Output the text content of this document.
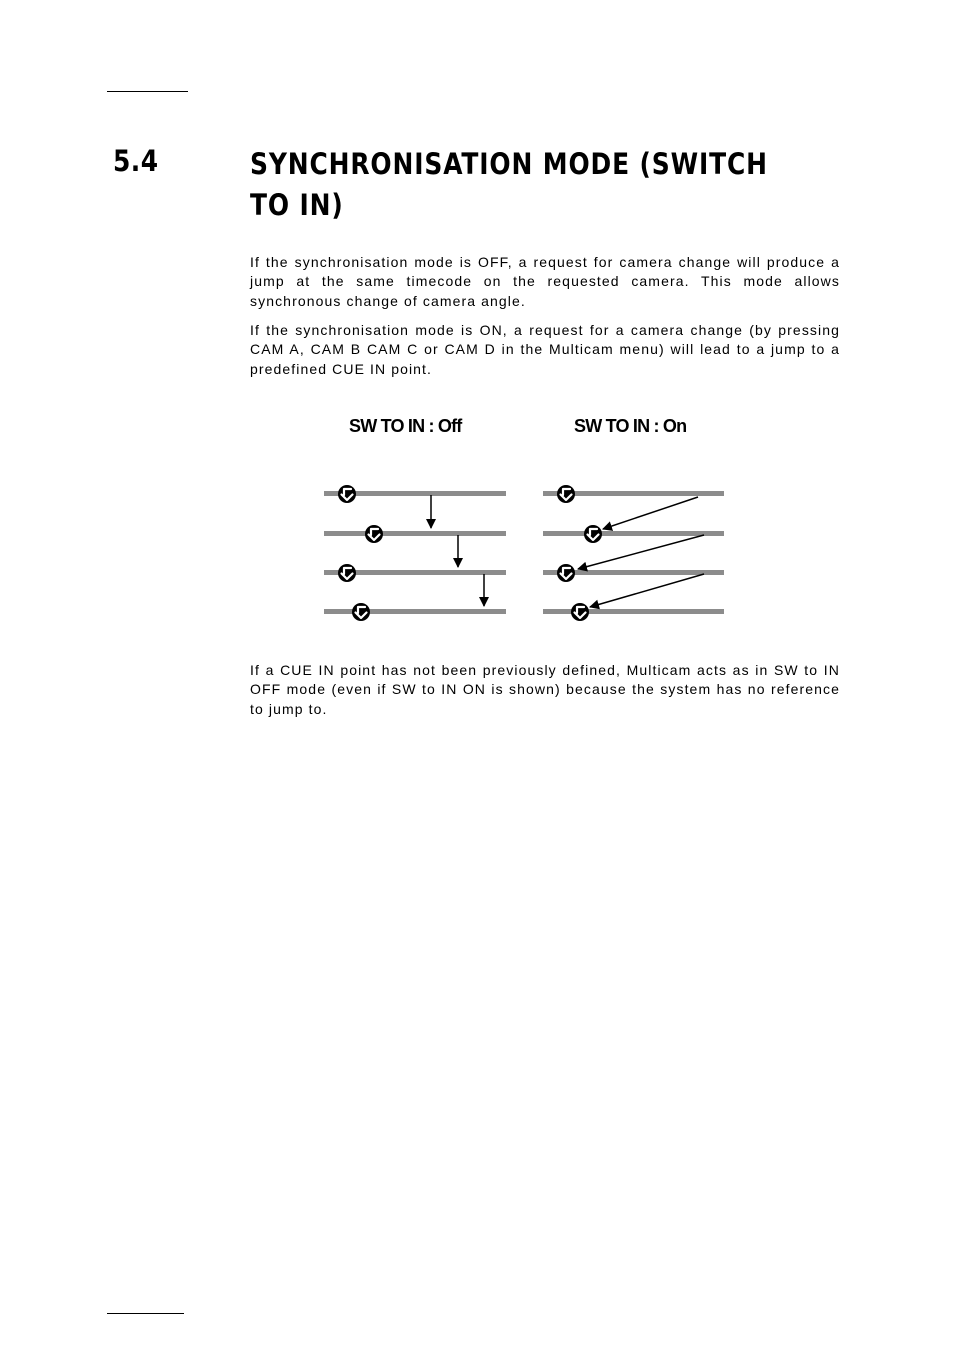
5.4	SYNCHRONISATION MODE (SWITCH TO IN)

If the synchronisation mode is OFF, a request for camera change will produce a jump at the same timecode on the requested camera. This mode allows synchronous change of camera angle.

If the synchronisation mode is ON, a request for a camera change (by pressing CAM A, CAM B CAM C or CAM D in the Multicam menu) will lead to a jump to a predefined CUE IN point.

SW TO IN : Off	SW TO IN : On

If a CUE IN point has not been previously defined, Multicam acts as in SW to IN OFF mode (even if SW to IN ON is shown) because the system has no reference to jump to.
